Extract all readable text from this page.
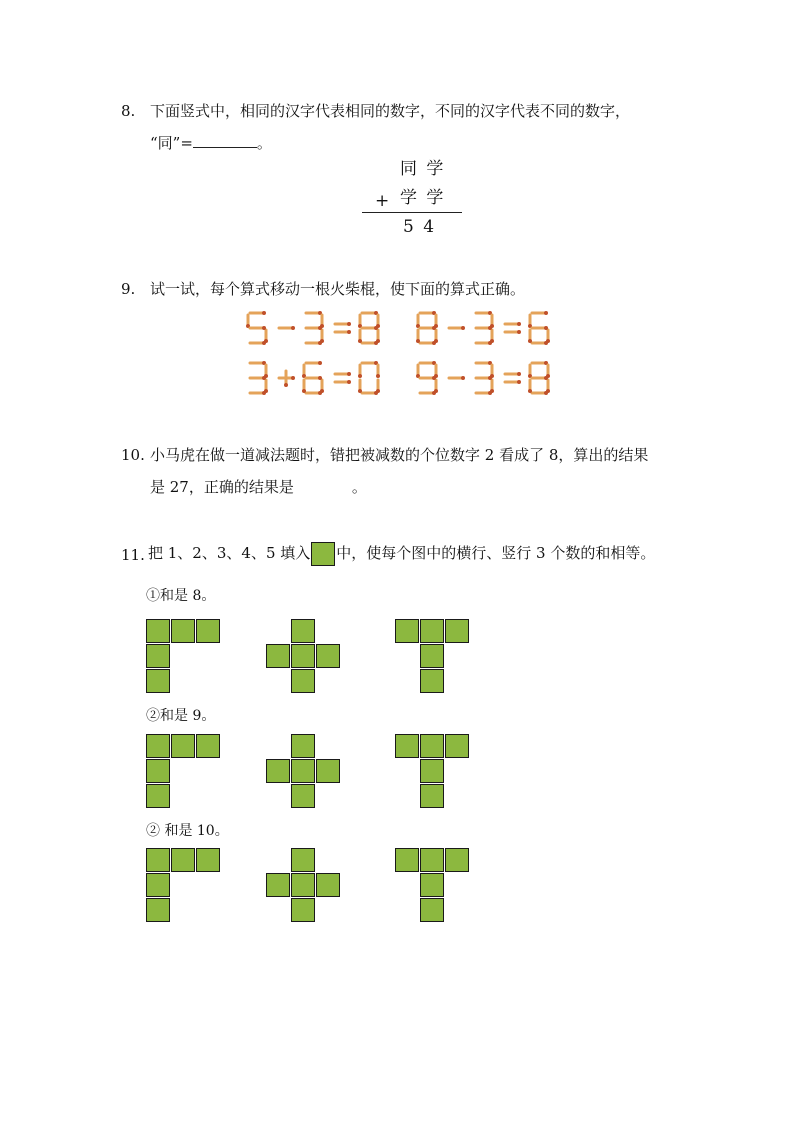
8. 下面竖式中，相同的汉字代表相同的数字，不同的汉字代表不同的数字，
“同”=	。
同 学
+ 学 学
5 4
9. 试一试，每个算式移动一根火柴棍，使下面的算式正确。
10. 小马虎在做一道减法题时，错把被减数的个位数字 2 看成了 8，算出的结果
是 27，正确的结果是	。
11. 把 1、2、3、4、5 填入 中，使每个图中的横行、竖行 3 个数的和相等。
①和是 8。
②和是 9。
② 和是 10。
